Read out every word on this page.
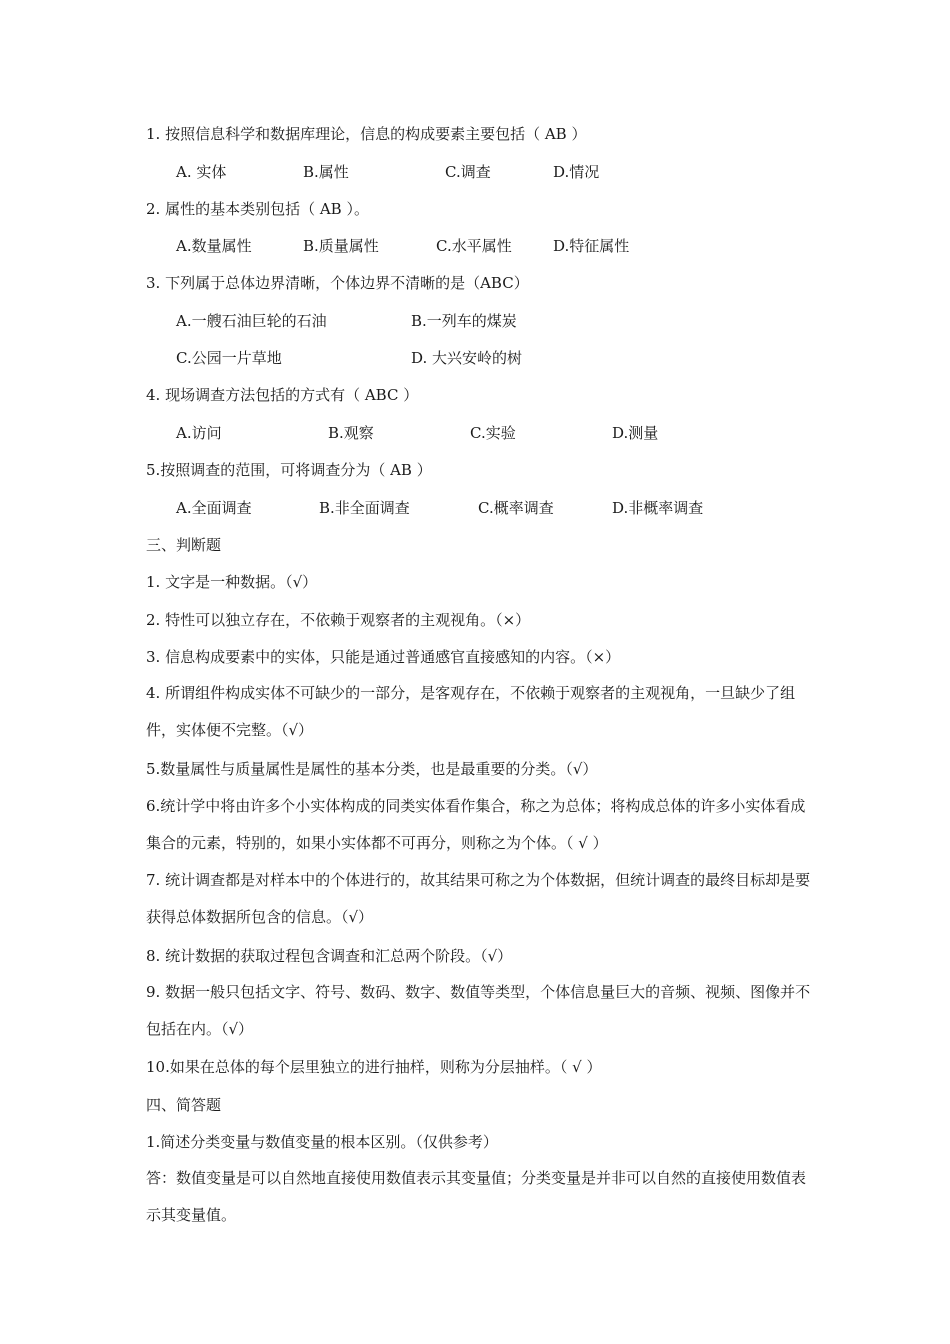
1. 按照信息科学和数据库理论，信息的构成要素主要包括（ AB ）
A. 实体	B.属性	C.调查	D.情况
2. 属性的基本类别包括（ AB ）。
A.数量属性	B.质量属性	C.水平属性	D.特征属性
3. 下列属于总体边界清晰，个体边界不清晰的是（ABC）
A.一艘石油巨轮的石油	B.一列车的煤炭
C.公园一片草地	D. 大兴安岭的树
4. 现场调查方法包括的方式有（ ABC ）
A.访问	B.观察	C.实验	D.测量
5.按照调查的范围，可将调查分为（ AB ）
A.全面调查	B.非全面调查	C.概率调查	D.非概率调查
三、判断题
1. 文字是一种数据。（√）
2. 特性可以独立存在，不依赖于观察者的主观视角。（×）
3. 信息构成要素中的实体，只能是通过普通感官直接感知的内容。（×）
4. 所谓组件构成实体不可缺少的一部分，是客观存在，不依赖于观察者的主观视角，一旦缺少了组件，实体便不完整。（√）
5.数量属性与质量属性是属性的基本分类，也是最重要的分类。（√）
6.统计学中将由许多个小实体构成的同类实体看作集合，称之为总体；将构成总体的许多小实体看成集合的元素，特别的，如果小实体都不可再分，则称之为个体。（ √ ）
7. 统计调查都是对样本中的个体进行的，故其结果可称之为个体数据，但统计调查的最终目标却是要获得总体数据所包含的信息。（√）
8. 统计数据的获取过程包含调查和汇总两个阶段。（√）
9. 数据一般只包括文字、符号、数码、数字、数值等类型，个体信息量巨大的音频、视频、图像并不包括在内。（√）
10.如果在总体的每个层里独立的进行抽样，则称为分层抽样。（ √ ）
四、简答题
1.简述分类变量与数值变量的根本区别。（仅供参考）
答：数值变量是可以自然地直接使用数值表示其变量值；分类变量是并非可以自然的直接使用数值表示其变量值。
